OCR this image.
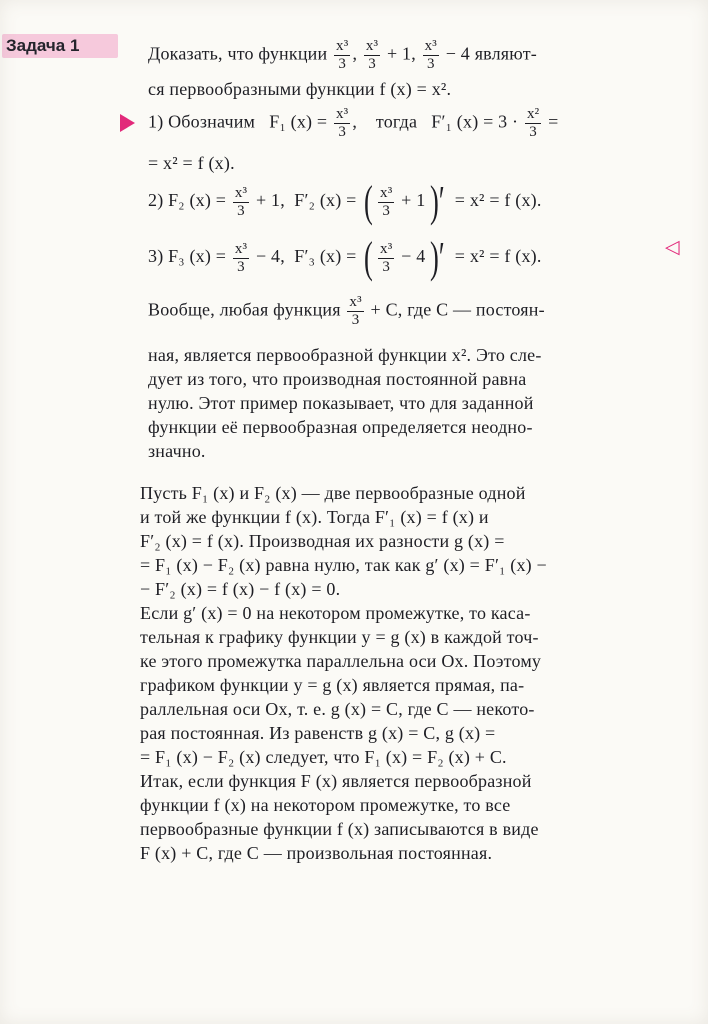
Задача 1	Доказать, что функции $\frac{\text{x³}}{3}$ , $\frac{\text{x³}}{3} + 1$, $\frac{\text{x³}}{3} - 4$ являют-
ся первообразными функции f (x) = x².
1) Обозначим F₁ $(x) = \frac{\text{x³}}{3}$ , тогда F′₁ $(x) = 3 \cdot \frac{\text{x²}}{3}$ =
= x² = f (x).
2) F₂ $(x) = \frac{\text{x³}}{3} + 1$, F′₂ (x) = ( $\frac{\text{x³}}{3} + 1$ )′ = x² = f (x).
3) F₃ $(x) = \frac{\text{x³}}{3} - 4$, F′₃ (x) = ( $\frac{\text{x³}}{3} - 4$ )′ = x² = f (x).	◁
Вообще, любая функция $\frac{\text{x³}}{3} + C$, где C — постоян-
ная, является первообразной функции x². Это сле-
дует из того, что производная постоянной равна
нулю. Этот пример показывает, что для заданной
функции её первообразная определяется неодно-
значно.
Пусть F₁ (x) и F₂ (x) — две первообразные одной
и той же функции f (x). Тогда F′₁ (x) = f (x) и
F′₂ (x) = f (x). Производная их разности g (x) =
= F₁ (x) − F₂ (x) равна нулю, так как g′ (x) = F′₁ (x) −
− F′₂ (x) = f (x) − f (x) = 0.
Если g′ (x) = 0 на некотором промежутке, то каса-
тельная к графику функции y = g (x) в каждой точ-
ке этого промежутка параллельна оси Ox. Поэтому
графиком функции y = g (x) является прямая, па-
раллельная оси Ox, т. е. g (x) = C, где C — некото-
рая постоянная. Из равенств g (x) = C, g (x) =
= F₁ (x) − F₂ (x) следует, что F₁ (x) = F₂ (x) + C.
Итак, если функция F (x) является первообразной
функции f (x) на некотором промежутке, то все
первообразные функции f (x) записываются в виде
F (x) + C, где C — произвольная постоянная.
